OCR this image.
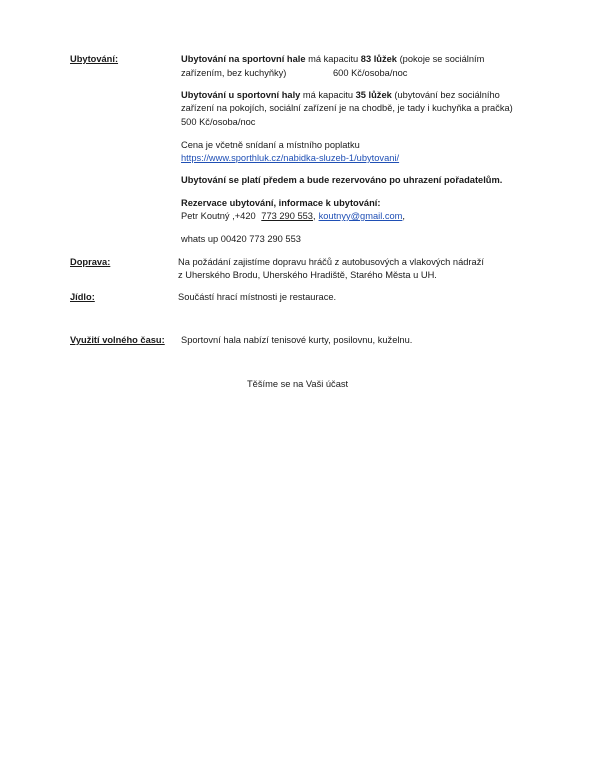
Ubytování:	Ubytování na sportovní hale má kapacitu 83 lůžek (pokoje se sociálním
zařízením, bez kuchyňky)	600 Kč/osoba/noc
Ubytování u sportovní haly má kapacitu 35 lůžek (ubytování bez sociálního
zařízení na pokojích, sociální zařízení je na chodbě, je tady i kuchyňka a pračka)
500 Kč/osoba/noc
Cena je včetně snídaní a místního poplatku
https://www.sporthluk.cz/nabidka-sluzeb-1/ubytovani/
Ubytování se platí předem a bude rezervováno po uhrazení pořadatelům.
Rezervace ubytování, informace k ubytování:
Petr Koutný ,+420 773 290 553, koutnyy@gmail.com,
whats up 00420 773 290 553
Doprava:	Na požádání zajistíme dopravu hráčů z autobusových a vlakových nádraží
z Uherského Brodu, Uherského Hradiště, Starého Města u UH.
Jídlo:	Součástí hrací místnosti je restaurace.
Využití volného času: Sportovní hala nabízí tenisové kurty, posilovnu, kuželnu.
Těšíme se na Vaši účast
